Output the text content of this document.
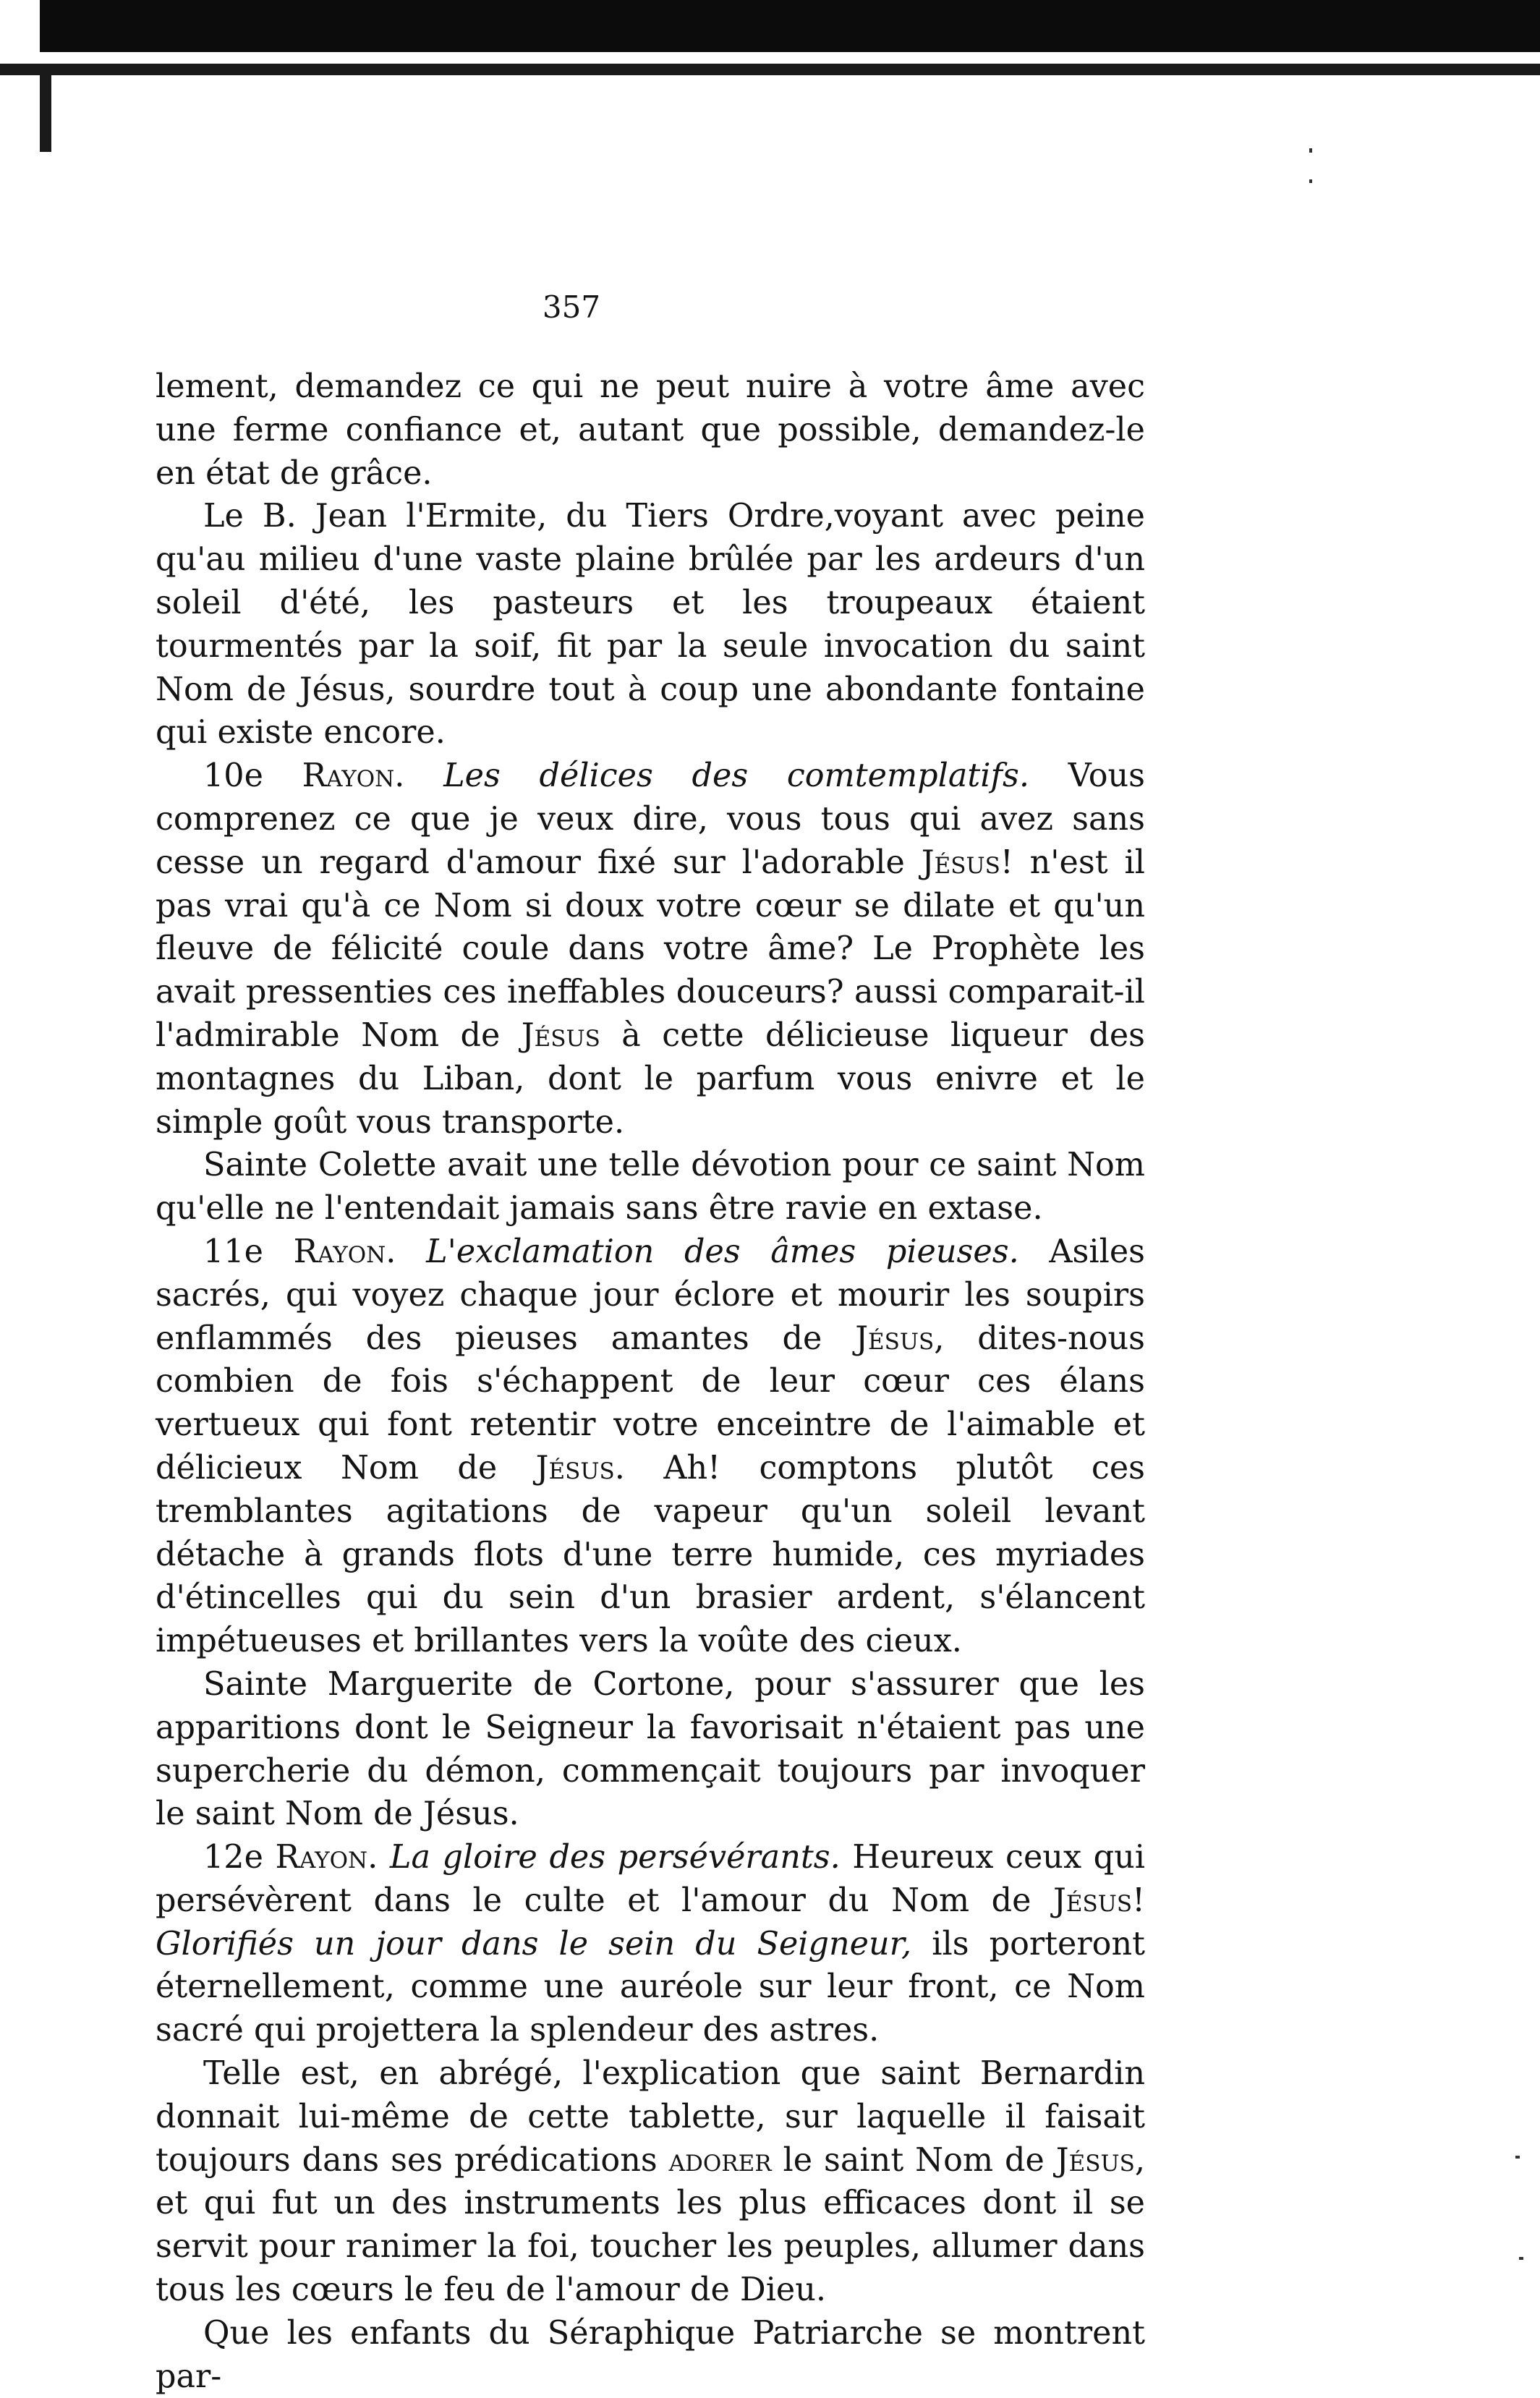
357

lement, demandez ce qui ne peut nuire à votre âme avec une ferme confiance et, autant que possible, demandez-le en état de grâce.

Le B. Jean l'Ermite, du Tiers Ordre,voyant avec peine qu'au milieu d'une vaste plaine brûlée par les ardeurs d'un soleil d'été, les pasteurs et les troupeaux étaient tourmentés par la soif, fit par la seule invocation du saint Nom de Jésus, sourdre tout à coup une abondante fontaine qui existe encore.

10e Rayon. Les délices des comtemplatifs. Vous comprenez ce que je veux dire, vous tous qui avez sans cesse un regard d'amour fixé sur l'adorable Jésus! n'est il pas vrai qu'à ce Nom si doux votre cœur se dilate et qu'un fleuve de félicité coule dans votre âme? Le Prophète les avait pressenties ces ineffables douceurs? aussi comparait-il l'admirable Nom de Jésus à cette délicieuse liqueur des montagnes du Liban, dont le parfum vous enivre et le simple goût vous transporte.

Sainte Colette avait une telle dévotion pour ce saint Nom qu'elle ne l'entendait jamais sans être ravie en extase.

11e Rayon. L'exclamation des âmes pieuses. Asiles sacrés, qui voyez chaque jour éclore et mourir les soupirs enflammés des pieuses amantes de Jésus, dites-nous combien de fois s'échappent de leur cœur ces élans vertueux qui font retentir votre enceintre de l'aimable et délicieux Nom de Jésus. Ah! comptons plutôt ces tremblantes agitations de vapeur qu'un soleil levant détache à grands flots d'une terre humide, ces myriades d'étincelles qui du sein d'un brasier ardent, s'élancent impétueuses et brillantes vers la voûte des cieux.

Sainte Marguerite de Cortone, pour s'assurer que les apparitions dont le Seigneur la favorisait n'étaient pas une supercherie du démon, commençait toujours par invoquer le saint Nom de Jésus.

12e Rayon. La gloire des persévérants. Heureux ceux qui persévèrent dans le culte et l'amour du Nom de Jésus! Glorifiés un jour dans le sein du Seigneur, ils porteront éternellement, comme une auréole sur leur front, ce Nom sacré qui projettera la splendeur des astres.

Telle est, en abrégé, l'explication que saint Bernardin donnait lui-même de cette tablette, sur laquelle il faisait toujours dans ses prédications adorer le saint Nom de Jésus, et qui fut un des instruments les plus efficaces dont il se servit pour ranimer la foi, toucher les peuples, allumer dans tous les cœurs le feu de l'amour de Dieu.

Que les enfants du Séraphique Patriarche se montrent par-
